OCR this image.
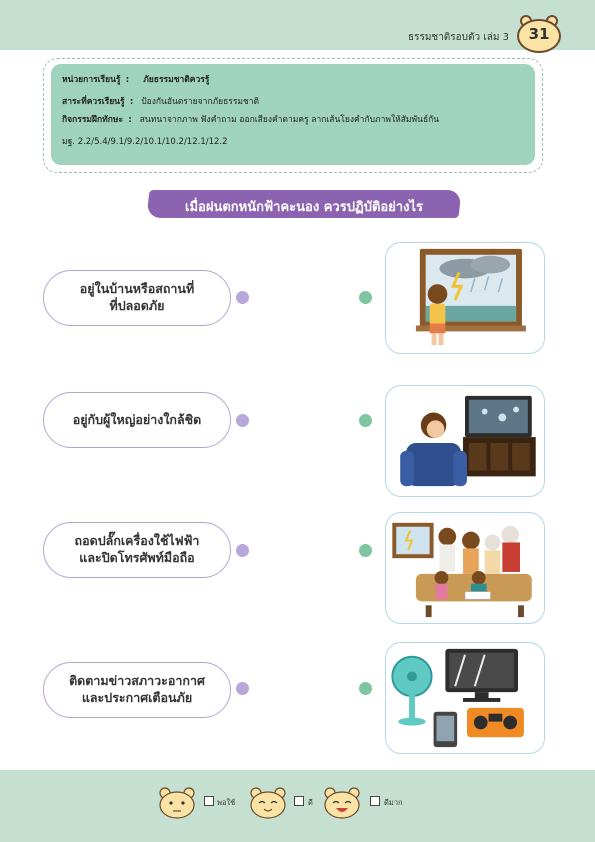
ธรรมชาติรอบตัว เล่ม 3	31
หน่วยการเรียนรู้ : ภัยธรรมชาติควรรู้
สาระที่ควรเรียนรู้ : ป้องกันอันตรายจากภัยธรรมชาติ
กิจกรรมฝึกทักษะ : สนทนาจากภาพ ฟังคำถาม ออกเสียงคำตามครู ลากเส้นโยงคำกับภาพให้สัมพันธ์กัน
มฐ. 2.2/5.4/9.1/9.2/10.1/10.2/12.1/12.2
เมื่อฝนตกหนักฟ้าคะนอง ควรปฏิบัติอย่างไร
อยู่ในบ้านหรือสถานที่
ที่ปลอดภัย
อยู่กับผู้ใหญ่อย่างใกล้ชิด
ถอดปลั๊กเครื่องใช้ไฟฟ้า
และปิดโทรศัพท์มือถือ
ติดตามข่าวสภาวะอากาศ
และประกาศเตือนภัย
พอใช้	ดี	ดีมาก
